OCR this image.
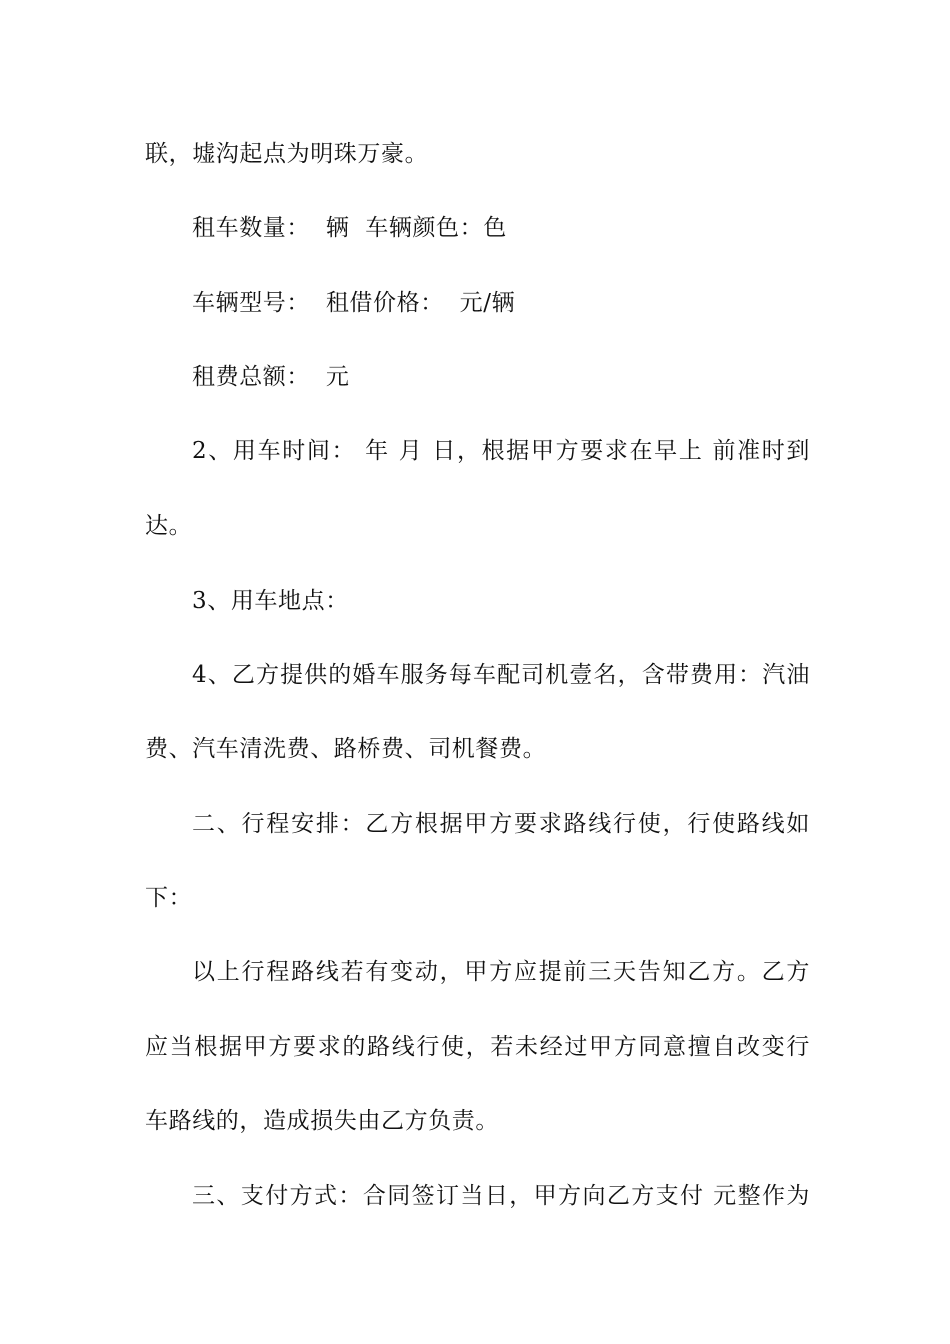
联，墟沟起点为明珠万豪。
租车数量：  辆  车辆颜色：色
车辆型号：  租借价格：  元/辆
租费总额：  元
2、用车时间： 年 月 日，根据甲方要求在早上 前准时到
达。
3、用车地点：
4、乙方提供的婚车服务每车配司机壹名，含带费用：汽油
费、汽车清洗费、路桥费、司机餐费。
二、行程安排：乙方根据甲方要求路线行使，行使路线如
下：
以上行程路线若有变动，甲方应提前三天告知乙方。乙方
应当根据甲方要求的路线行使，若未经过甲方同意擅自改变行
车路线的，造成损失由乙方负责。
三、支付方式：合同签订当日，甲方向乙方支付 元整作为
